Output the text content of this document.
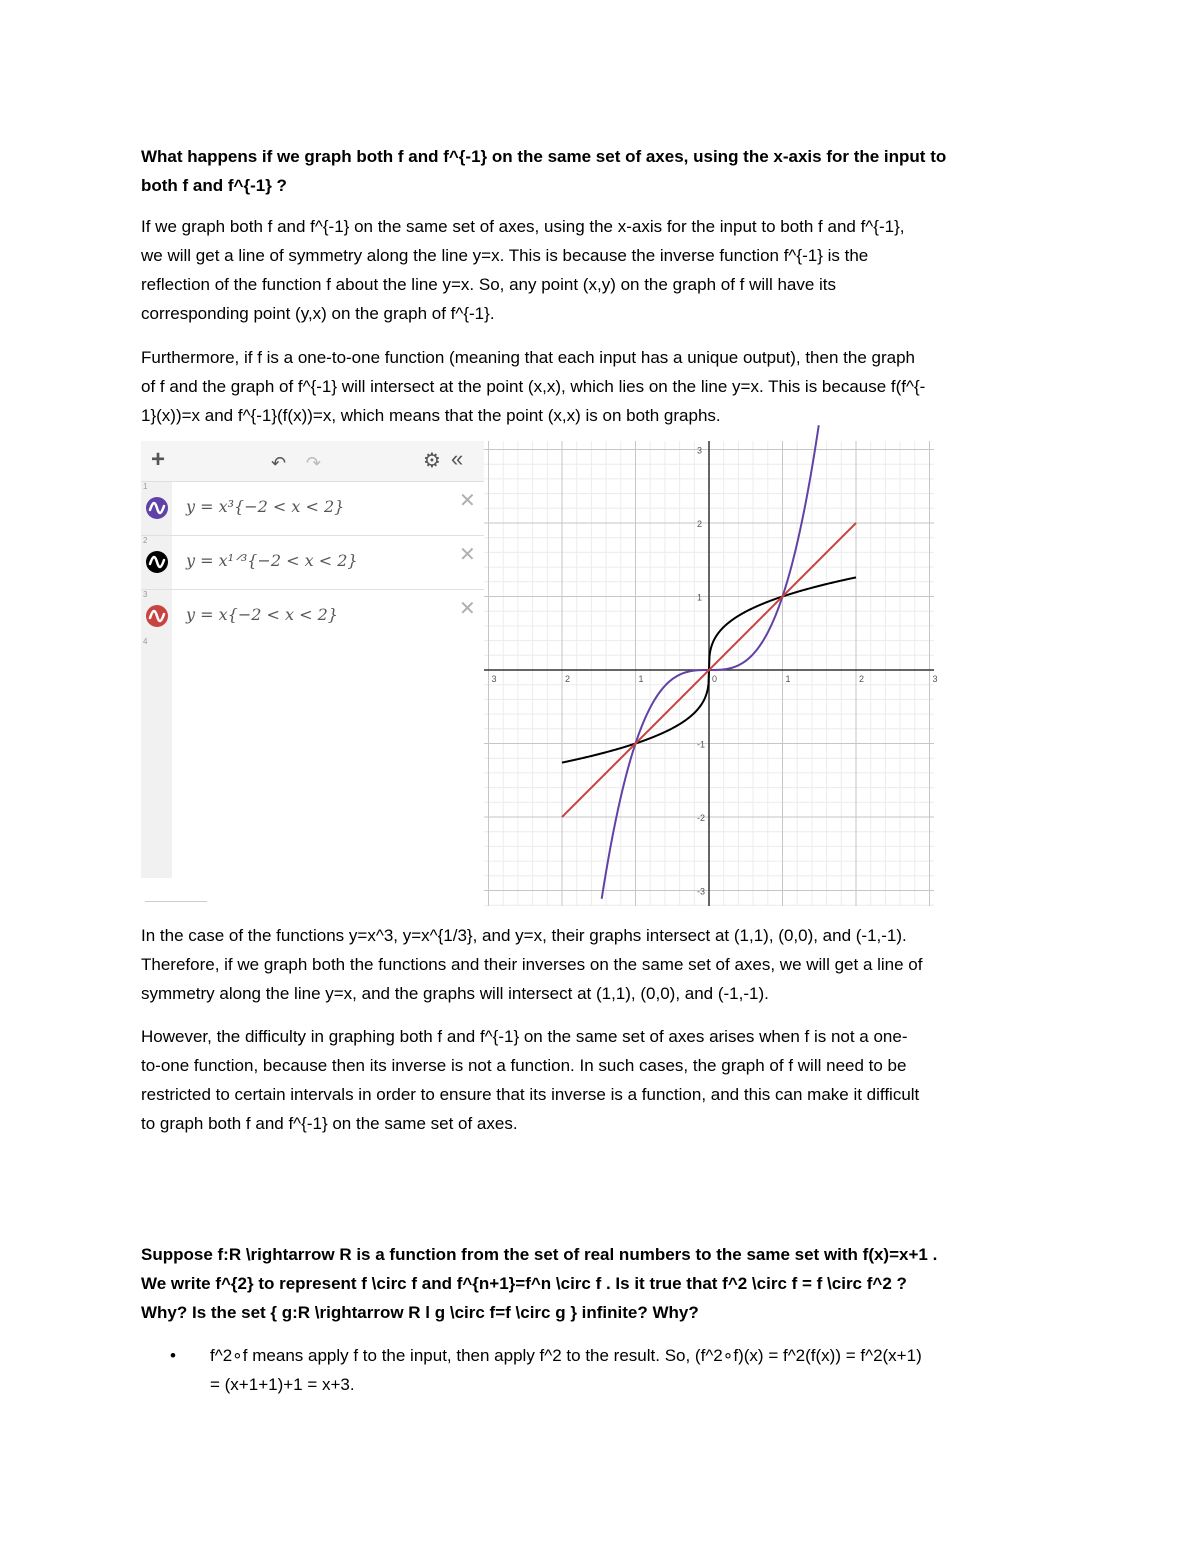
What happens if we graph both f and f^{-1} on the same set of axes, using the x-axis for the input to
both f and f^{-1} ?
If we graph both f and f^{-1} on the same set of axes, using the x-axis for the input to both f and f^{-1},
we will get a line of symmetry along the line y=x. This is because the inverse function f^{-1} is the
reflection of the function f about the line y=x. So, any point (x,y) on the graph of f will have its
corresponding point (y,x) on the graph of f^{-1}.
Furthermore, if f is a one-to-one function (meaning that each input has a unique output), then the graph
of f and the graph of f^{-1} will intersect at the point (x,x), which lies on the line y=x. This is because f(f^{-
1}(x))=x and f^{-1}(f(x))=x, which means that the point (x,x) is on both graphs.
+	↶ ↷	⚙ «
1
y = x³{−2 < x < 2}	✕
2
y = x¹ᐟ³{−2 < x < 2}	✕
3
y = x{−2 < x < 2}	✕
4
3	2	1	0	1	2	3
3
2
1
-1
-2
-3
In the case of the functions y=x^3, y=x^{1/3}, and y=x, their graphs intersect at (1,1), (0,0), and (-1,-1).
Therefore, if we graph both the functions and their inverses on the same set of axes, we will get a line of
symmetry along the line y=x, and the graphs will intersect at (1,1), (0,0), and (-1,-1).
However, the difficulty in graphing both f and f^{-1} on the same set of axes arises when f is not a one-
to-one function, because then its inverse is not a function. In such cases, the graph of f will need to be
restricted to certain intervals in order to ensure that its inverse is a function, and this can make it difficult
to graph both f and f^{-1} on the same set of axes.
Suppose f:R \rightarrow R is a function from the set of real numbers to the same set with f(x)=x+1 .
We write f^{2} to represent f \circ f and f^{n+1}=f^n \circ f . Is it true that f^2 \circ f = f \circ f^2 ?
Why? Is the set { g:R \rightarrow R l g \circ f=f \circ g } infinite? Why?
• f^2∘f means apply f to the input, then apply f^2 to the result. So, (f^2∘f)(x) = f^2(f(x)) = f^2(x+1)
= (x+1+1)+1 = x+3.
